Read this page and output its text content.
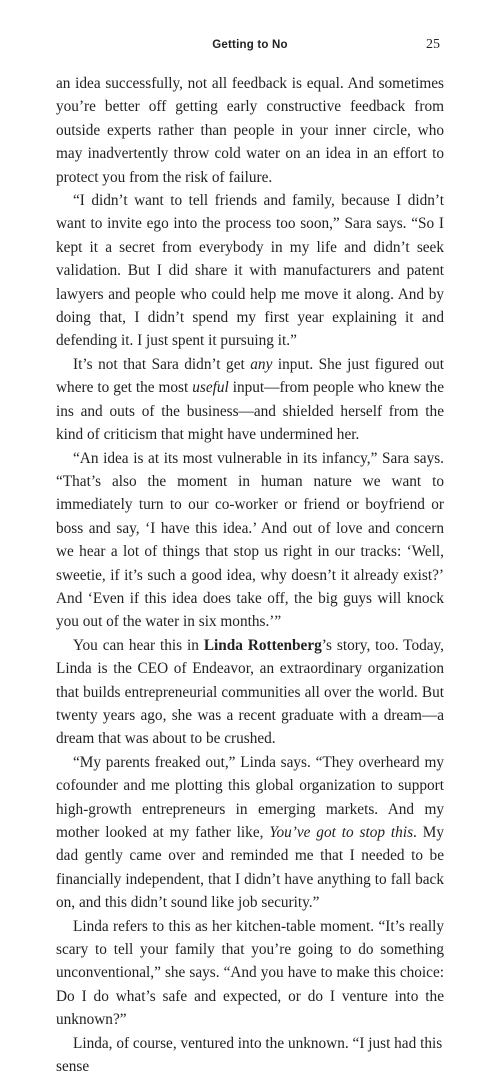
Getting to No	25

an idea successfully, not all feedback is equal. And sometimes you’re better off getting early constructive feedback from outside experts rather than people in your inner circle, who may inadvertently throw cold water on an idea in an effort to protect you from the risk of failure.

“I didn’t want to tell friends and family, because I didn’t want to invite ego into the process too soon,” Sara says. “So I kept it a secret from everybody in my life and didn’t seek validation. But I did share it with manufacturers and patent lawyers and people who could help me move it along. And by doing that, I didn’t spend my first year explaining it and defending it. I just spent it pursuing it.”

It’s not that Sara didn’t get any input. She just figured out where to get the most useful input—from people who knew the ins and outs of the business—and shielded herself from the kind of criticism that might have undermined her.

“An idea is at its most vulnerable in its infancy,” Sara says. “That’s also the moment in human nature we want to immediately turn to our co-worker or friend or boyfriend or boss and say, ‘I have this idea.’ And out of love and concern we hear a lot of things that stop us right in our tracks: ‘Well, sweetie, if it’s such a good idea, why doesn’t it already exist?’ And ‘Even if this idea does take off, the big guys will knock you out of the water in six months.’”

You can hear this in Linda Rottenberg’s story, too. Today, Linda is the CEO of Endeavor, an extraordinary organization that builds entrepreneurial communities all over the world. But twenty years ago, she was a recent graduate with a dream—a dream that was about to be crushed.

“My parents freaked out,” Linda says. “They overheard my cofounder and me plotting this global organization to support high-growth entrepreneurs in emerging markets. And my mother looked at my father like, You’ve got to stop this. My dad gently came over and reminded me that I needed to be financially independent, that I didn’t have anything to fall back on, and this didn’t sound like job security.”

Linda refers to this as her kitchen-table moment. “It’s really scary to tell your family that you’re going to do something unconventional,” she says. “And you have to make this choice: Do I do what’s safe and expected, or do I venture into the unknown?”

Linda, of course, ventured into the unknown. “I just had this sense
